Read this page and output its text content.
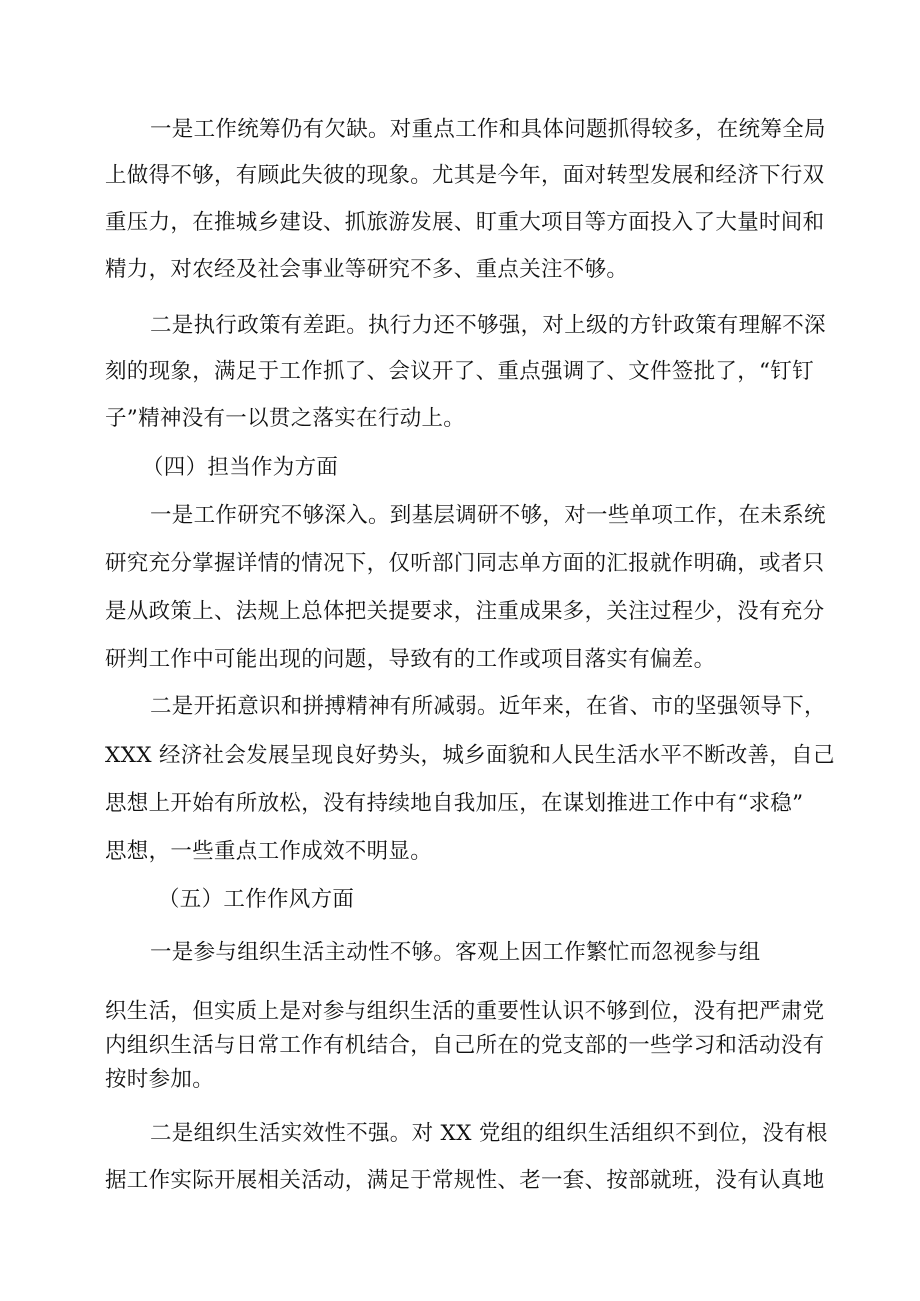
一是工作统筹仍有欠缺。对重点工作和具体问题抓得较多，在统筹全局
上做得不够，有顾此失彼的现象。尤其是今年，面对转型发展和经济下行双
重压力，在推城乡建设、抓旅游发展、盯重大项目等方面投入了大量时间和
精力，对农经及社会事业等研究不多、重点关注不够。
二是执行政策有差距。执行力还不够强，对上级的方针政策有理解不深
刻的现象，满足于工作抓了、会议开了、重点强调了、文件签批了，“钉钉
子”精神没有一以贯之落实在行动上。
（四）担当作为方面
一是工作研究不够深入。到基层调研不够，对一些单项工作，在未系统
研究充分掌握详情的情况下，仅听部门同志单方面的汇报就作明确，或者只
是从政策上、法规上总体把关提要求，注重成果多，关注过程少，没有充分
研判工作中可能出现的问题，导致有的工作或项目落实有偏差。
二是开拓意识和拼搏精神有所减弱。近年来，在省、市的坚强领导下，
XXX 经济社会发展呈现良好势头，城乡面貌和人民生活水平不断改善，自己
思想上开始有所放松，没有持续地自我加压，在谋划推进工作中有“求稳”
思想，一些重点工作成效不明显。
（五）工作作风方面
一是参与组织生活主动性不够。客观上因工作繁忙而忽视参与组
织生活，但实质上是对参与组织生活的重要性认识不够到位，没有把严肃党
内组织生活与日常工作有机结合，自己所在的党支部的一些学习和活动没有
按时参加。
二是组织生活实效性不强。对 XX 党组的组织生活组织不到位，没有根
据工作实际开展相关活动，满足于常规性、老一套、按部就班，没有认真地
